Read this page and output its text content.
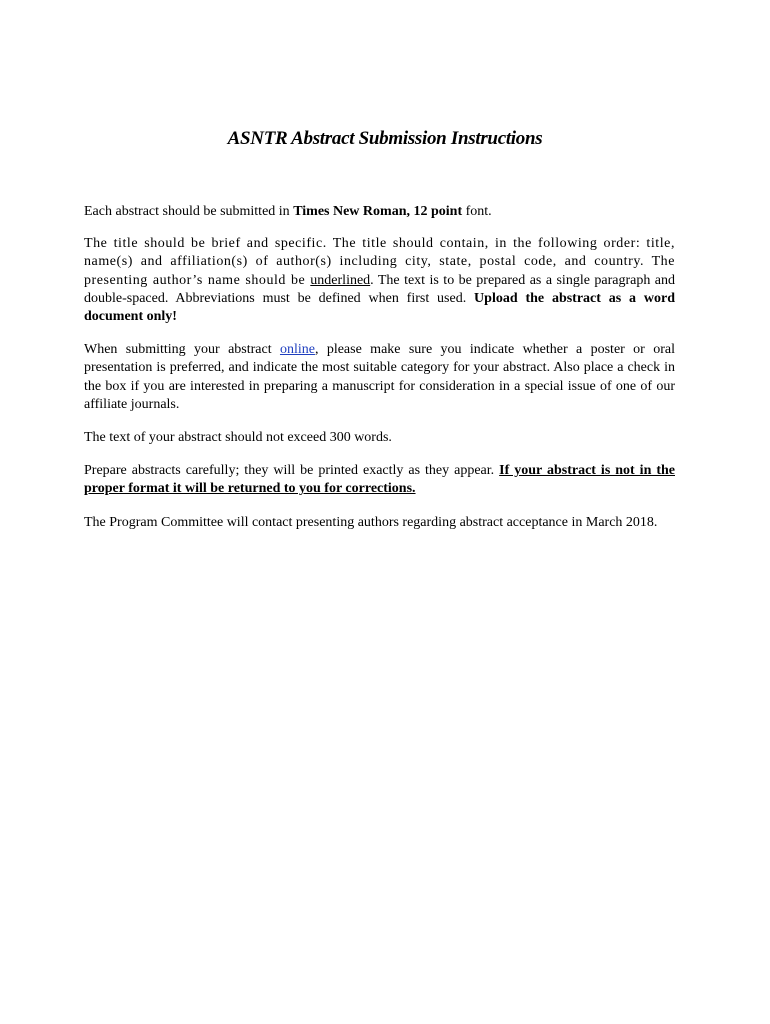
ASNTR Abstract Submission Instructions

Each abstract should be submitted in Times New Roman, 12 point font.

The title should be brief and specific. The title should contain, in the following order: title, name(s) and affiliation(s) of author(s) including city, state, postal code, and country. The presenting author’s name should be underlined. The text is to be prepared as a single paragraph and double-spaced. Abbreviations must be defined when first used. Upload the abstract as a word document only!

When submitting your abstract online, please make sure you indicate whether a poster or oral presentation is preferred, and indicate the most suitable category for your abstract. Also place a check in the box if you are interested in preparing a manuscript for consideration in a special issue of one of our affiliate journals.

The text of your abstract should not exceed 300 words.

Prepare abstracts carefully; they will be printed exactly as they appear. If your abstract is not in the proper format it will be returned to you for corrections.

The Program Committee will contact presenting authors regarding abstract acceptance in March 2018.
